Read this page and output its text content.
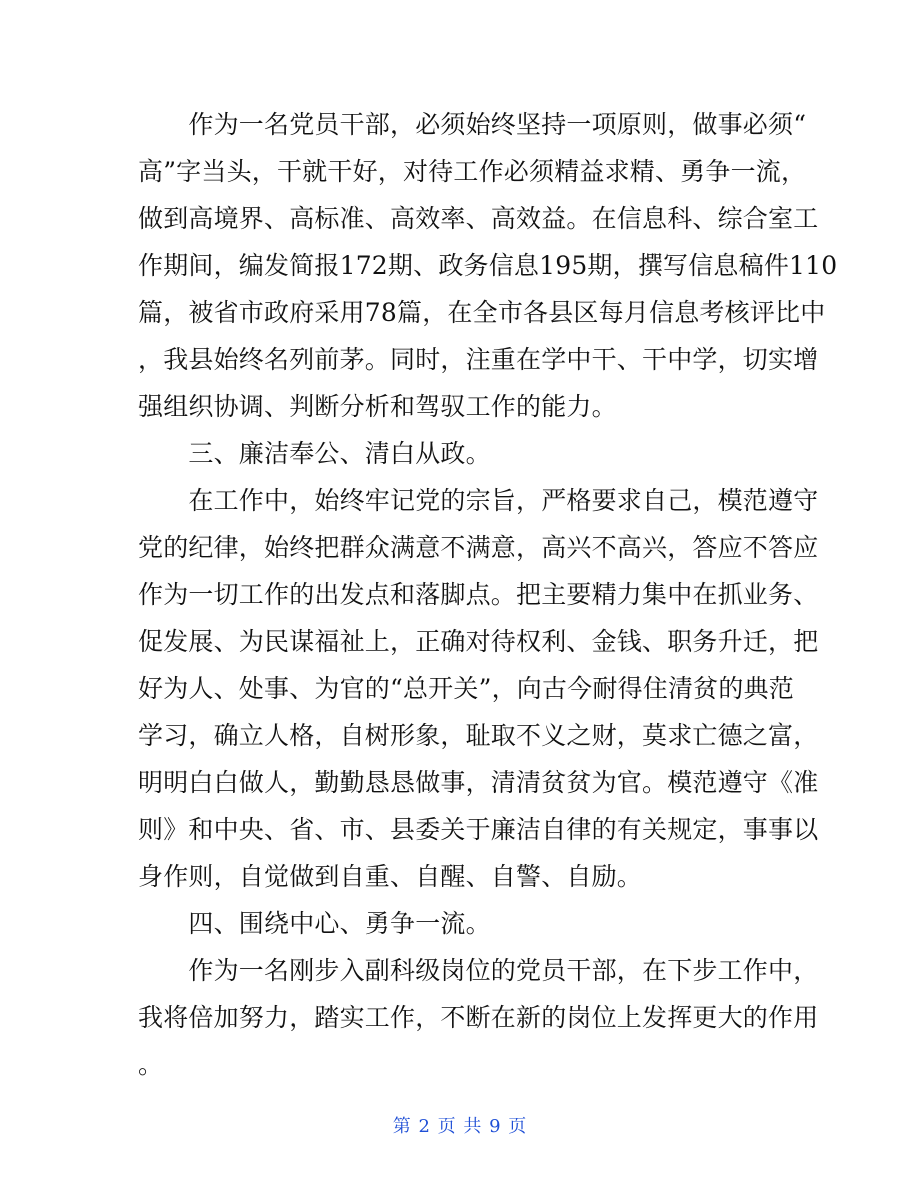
　　作为一名党员干部，必须始终坚持一项原则，做事必须“
高”字当头，干就干好，对待工作必须精益求精、勇争一流，
做到高境界、高标准、高效率、高效益。在信息科、综合室工
作期间，编发简报172期、政务信息195期，撰写信息稿件110
篇，被省市政府采用78篇，在全市各县区每月信息考核评比中
，我县始终名列前茅。同时，注重在学中干、干中学，切实增
强组织协调、判断分析和驾驭工作的能力。
　　三、廉洁奉公、清白从政。
　　在工作中，始终牢记党的宗旨，严格要求自己，模范遵守
党的纪律，始终把群众满意不满意，高兴不高兴，答应不答应
作为一切工作的出发点和落脚点。把主要精力集中在抓业务、
促发展、为民谋福祉上，正确对待权利、金钱、职务升迁，把
好为人、处事、为官的“总开关”，向古今耐得住清贫的典范
学习，确立人格，自树形象，耻取不义之财，莫求亡德之富，
明明白白做人，勤勤恳恳做事，清清贫贫为官。模范遵守《准
则》和中央、省、市、县委关于廉洁自律的有关规定，事事以
身作则，自觉做到自重、自醒、自警、自励。
　　四、围绕中心、勇争一流。
　　作为一名刚步入副科级岗位的党员干部，在下步工作中，
我将倍加努力，踏实工作，不断在新的岗位上发挥更大的作用
。
第 2 页 共 9 页
